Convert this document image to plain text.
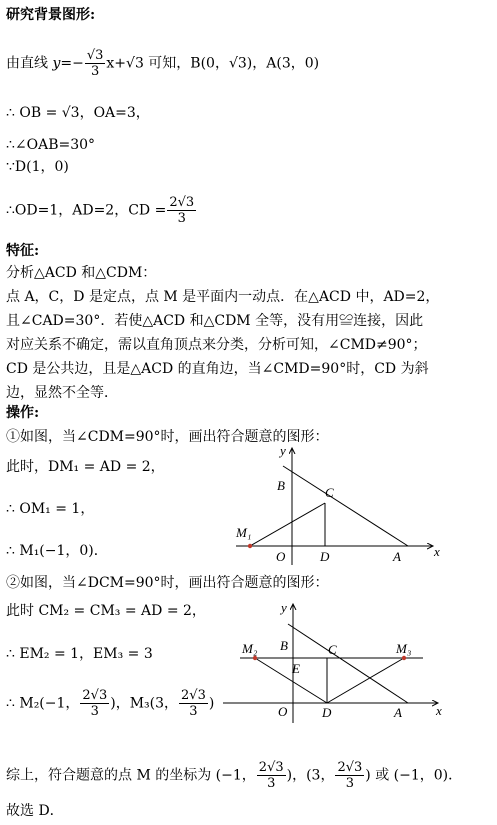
研究背景图形:
由直线 $y=- \frac{√3}{3} x+√3$ 可知，B(0，√3)，A(3，0)
∴ OB = √3，OA=3，
∴∠OAB=30°
∵D(1，0)
∴OD=1，AD=2，CD = $\frac{2√3}{3}$
特征:
分析△ACD 和△CDM：
点 A，C，D 是定点，点 M 是平面内一动点．在△ACD 中，AD=2，
且∠CAD=30°．若使△ACD 和△CDM 全等，没有用≌连接，因此
对应关系不确定，需以直角顶点来分类，分析可知，∠CMD≠90°；
CD 是公共边，且是△ACD 的直角边，当∠CMD=90°时，CD 为斜
边，显然不全等．
操作:
①如图，当∠CDM=90°时，画出符合题意的图形：
此时，DM₁ = AD = 2，
∴ OM₁ = 1，
∴ M₁(−1，0)．
y
x
B	C
M₁
O	D	A
②如图，当∠DCM=90°时，画出符合题意的图形：
此时 CM₂ = CM₃ = AD = 2，
∴ EM₂ = 1，EM₃ = 3
∴ M₂(−1， $\frac{2√3}{3}$ )，M₃(3， $\frac{2√3}{3}$ )
y
x
B	C
M₂	M₃
E
O	D	A
综上，符合题意的点 M 的坐标为 (−1， $\frac{2√3}{3}$ )，(3， $\frac{2√3}{3}$ ) 或 (−1，0)．
故选 D．
